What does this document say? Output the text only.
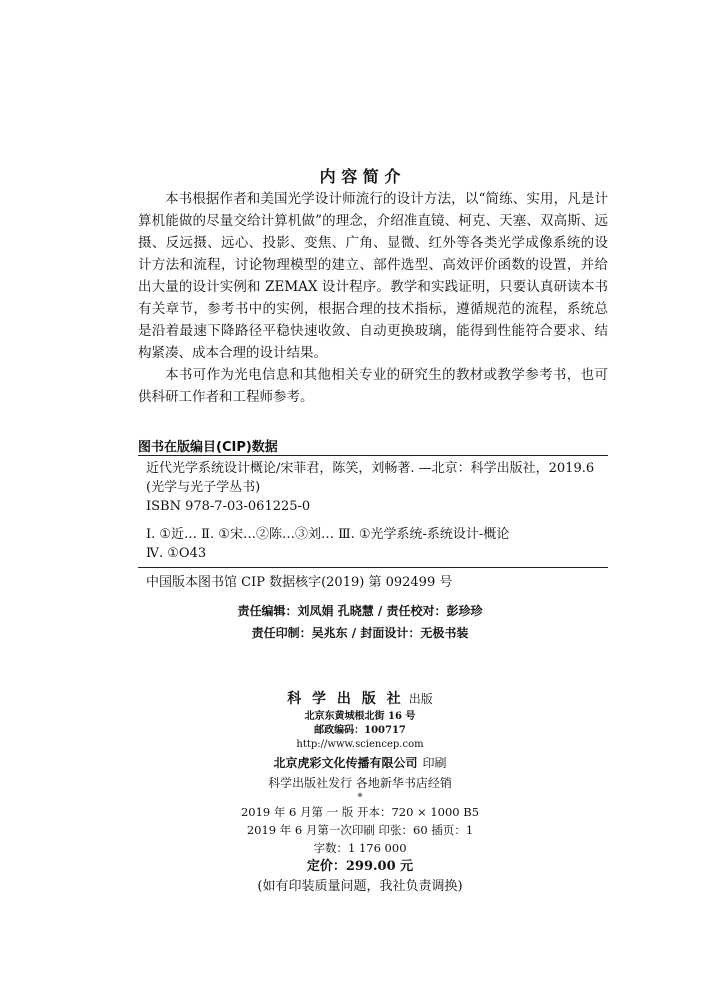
内 容 简 介

本书根据作者和美国光学设计师流行的设计方法，以“简练、实用，凡是计算机能做的尽量交给计算机做”的理念，介绍准直镜、柯克、天塞、双高斯、远摄、反远摄、远心、投影、变焦、广角、显微、红外等各类光学成像系统的设计方法和流程，讨论物理模型的建立、部件选型、高效评价函数的设置，并给出大量的设计实例和 ZEMAX 设计程序。教学和实践证明，只要认真研读本书有关章节，参考书中的实例，根据合理的技术指标，遵循规范的流程，系统总是沿着最速下降路径平稳快速收敛、自动更换玻璃，能得到性能符合要求、结构紧凑、成本合理的设计结果。

本书可作为光电信息和其他相关专业的研究生的教材或教学参考书，也可供科研工作者和工程师参考。

图书在版编目(CIP)数据
近代光学系统设计概论/宋菲君，陈笑，刘畅著. —北京：科学出版社，2019.6
(光学与光子学丛书)
ISBN 978-7-03-061225-0
Ⅰ. ①近… Ⅱ. ①宋…②陈…③刘… Ⅲ. ①光学系统-系统设计-概论
Ⅳ. ①O43
中国版本图书馆 CIP 数据核字(2019) 第 092499 号
责任编辑：刘凤娟 孔晓慧 / 责任校对：彭珍珍
责任印制：吴兆东 / 封面设计：无极书装
科 学 出 版 社 出版
北京东黄城根北街 16 号
邮政编码：100717
http://www.sciencep.com
北京虎彩文化传播有限公司 印刷
科学出版社发行 各地新华书店经销
*
2019 年 6 月第 一 版 开本：720 × 1000 B5
2019 年 6 月第一次印刷 印张：60 插页：1
字数：1 176 000
定价：299.00 元
(如有印装质量问题，我社负责调换)
